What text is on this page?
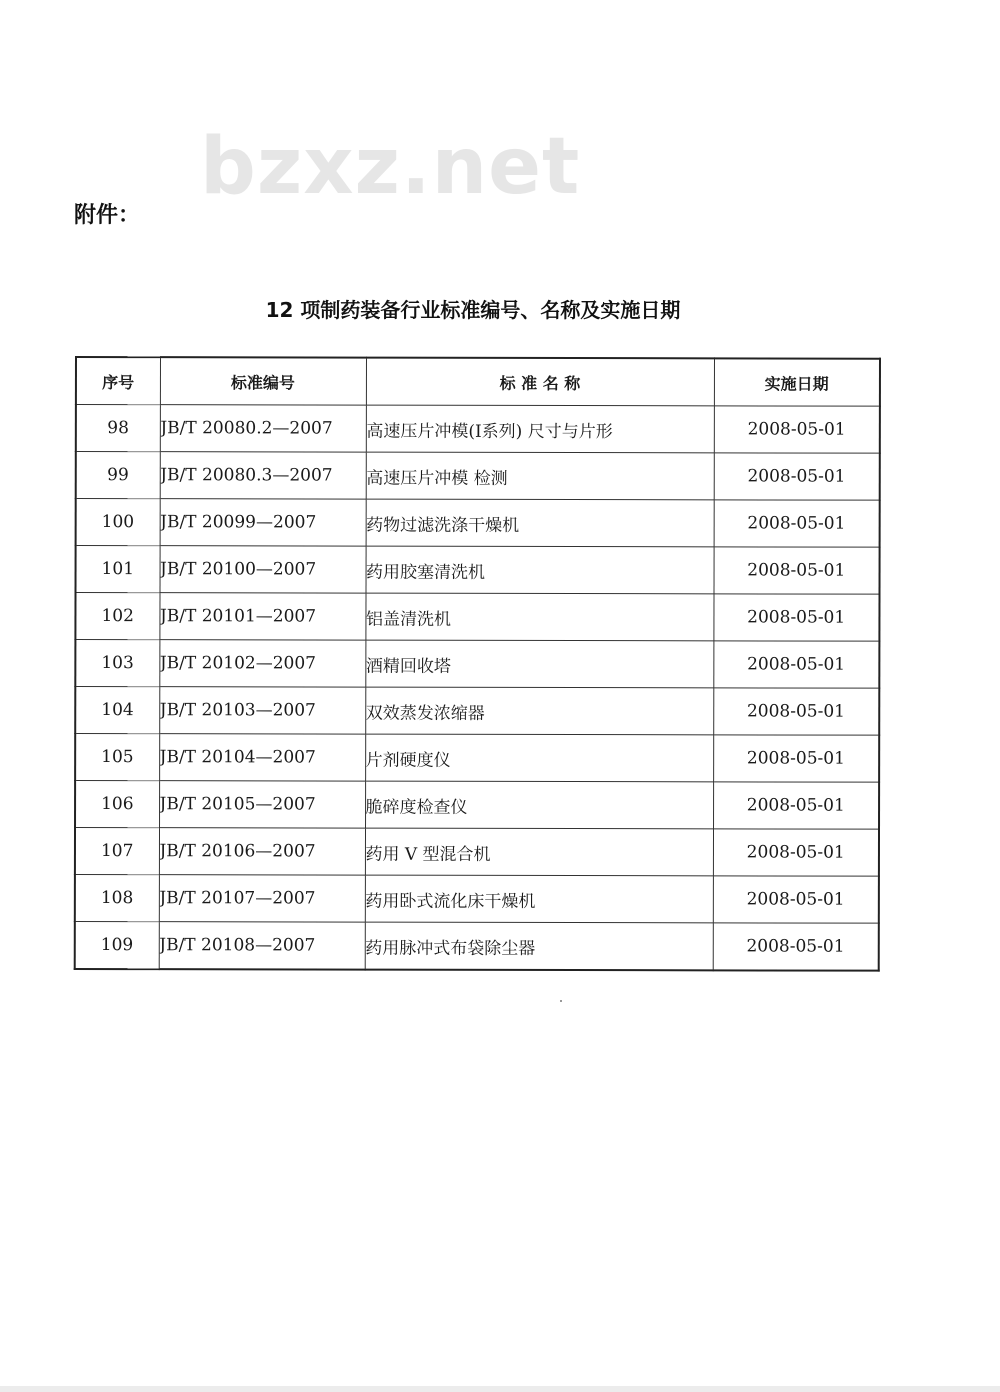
bzxz.net
附件：
12 项制药装备行业标准编号、名称及实施日期
序号	标准编号	标 准 名 称	实施日期
98	JB/T 20080.2—2007	高速压片冲模(Ⅰ系列) 尺寸与片形	2008-05-01
99	JB/T 20080.3—2007	高速压片冲模 检测	2008-05-01
100	JB/T 20099—2007	药物过滤洗涤干燥机	2008-05-01
101	JB/T 20100—2007	药用胶塞清洗机	2008-05-01
102	JB/T 20101—2007	铝盖清洗机	2008-05-01
103	JB/T 20102—2007	酒精回收塔	2008-05-01
104	JB/T 20103—2007	双效蒸发浓缩器	2008-05-01
105	JB/T 20104—2007	片剂硬度仪	2008-05-01
106	JB/T 20105—2007	脆碎度检查仪	2008-05-01
107	JB/T 20106—2007	药用 V 型混合机	2008-05-01
108	JB/T 20107—2007	药用卧式流化床干燥机	2008-05-01
109	JB/T 20108—2007	药用脉冲式布袋除尘器	2008-05-01
